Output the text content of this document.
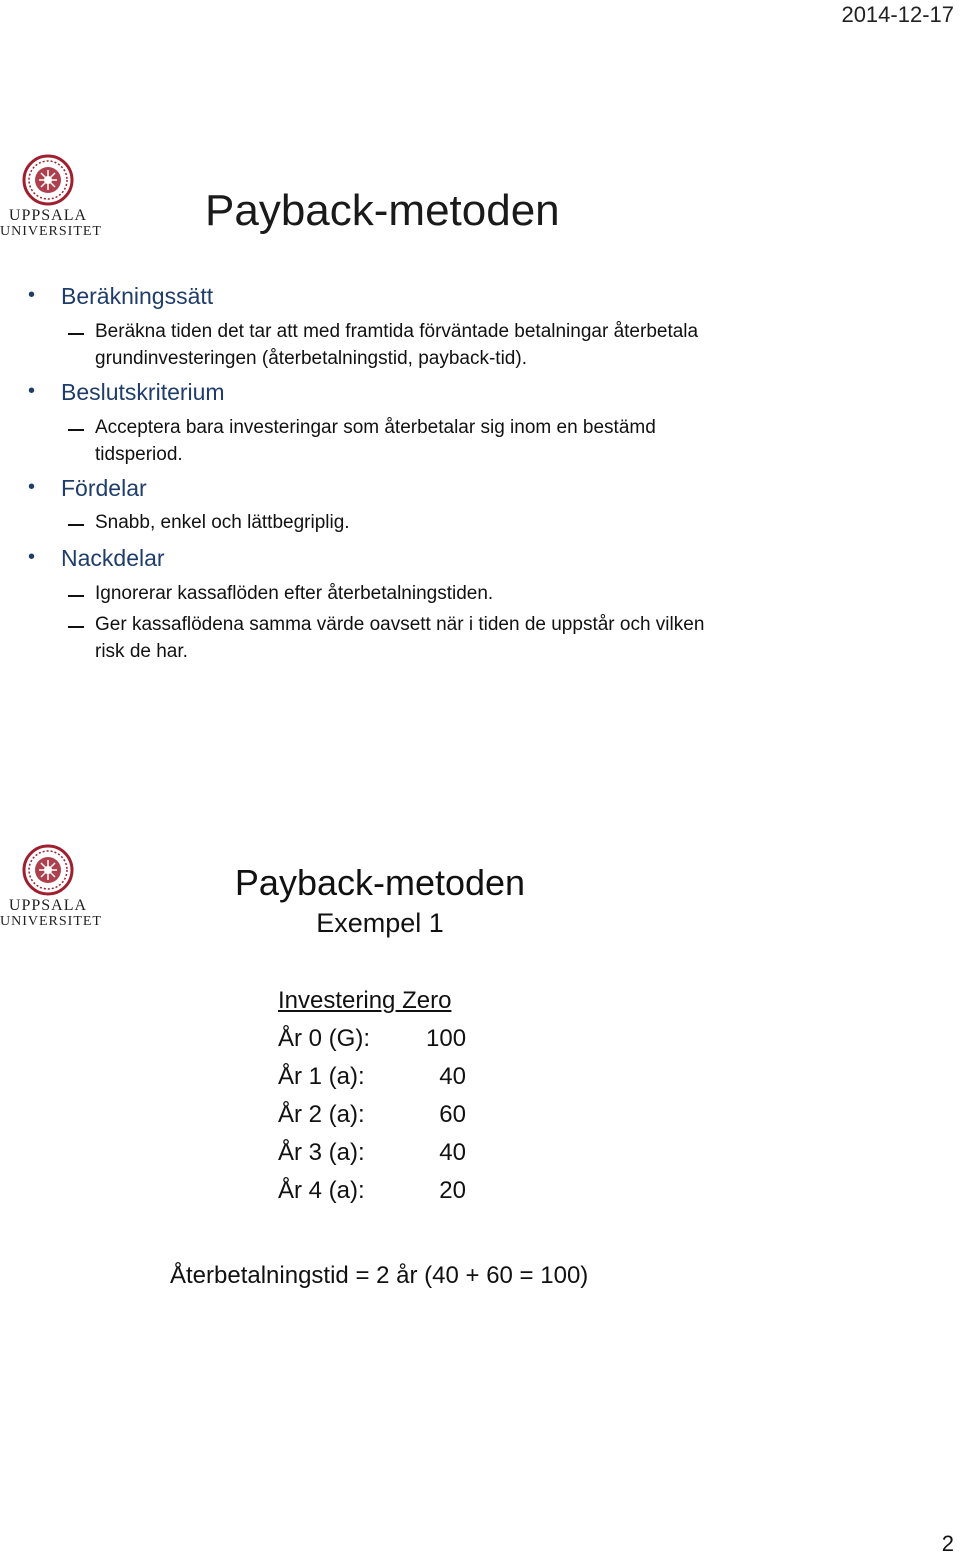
2014-12-17
UPPSALA
UNIVERSITET Payback-metoden
• Beräkningssätt
Beräkna tiden det tar att med framtida förväntade betalningar återbetala grundinvesteringen (återbetalningstid, payback-tid).
• Beslutskriterium
Acceptera bara investeringar som återbetalar sig inom en bestämd tidsperiod.
• Fördelar
Snabb, enkel och lättbegriplig.
• Nackdelar
Ignorerar kassaflöden efter återbetalningstiden.
Ger kassaflödena samma värde oavsett när i tiden de uppstår och vilken risk de har.
UPPSALA
UNIVERSITET
Payback-metoden
Exempel 1
Investering Zero
År 0 (G): 100
År 1 (a):	40
År 2 (a):	60
År 3 (a):	40
År 4 (a):	20
Återbetalningstid = 2 år (40 + 60 = 100)
2
